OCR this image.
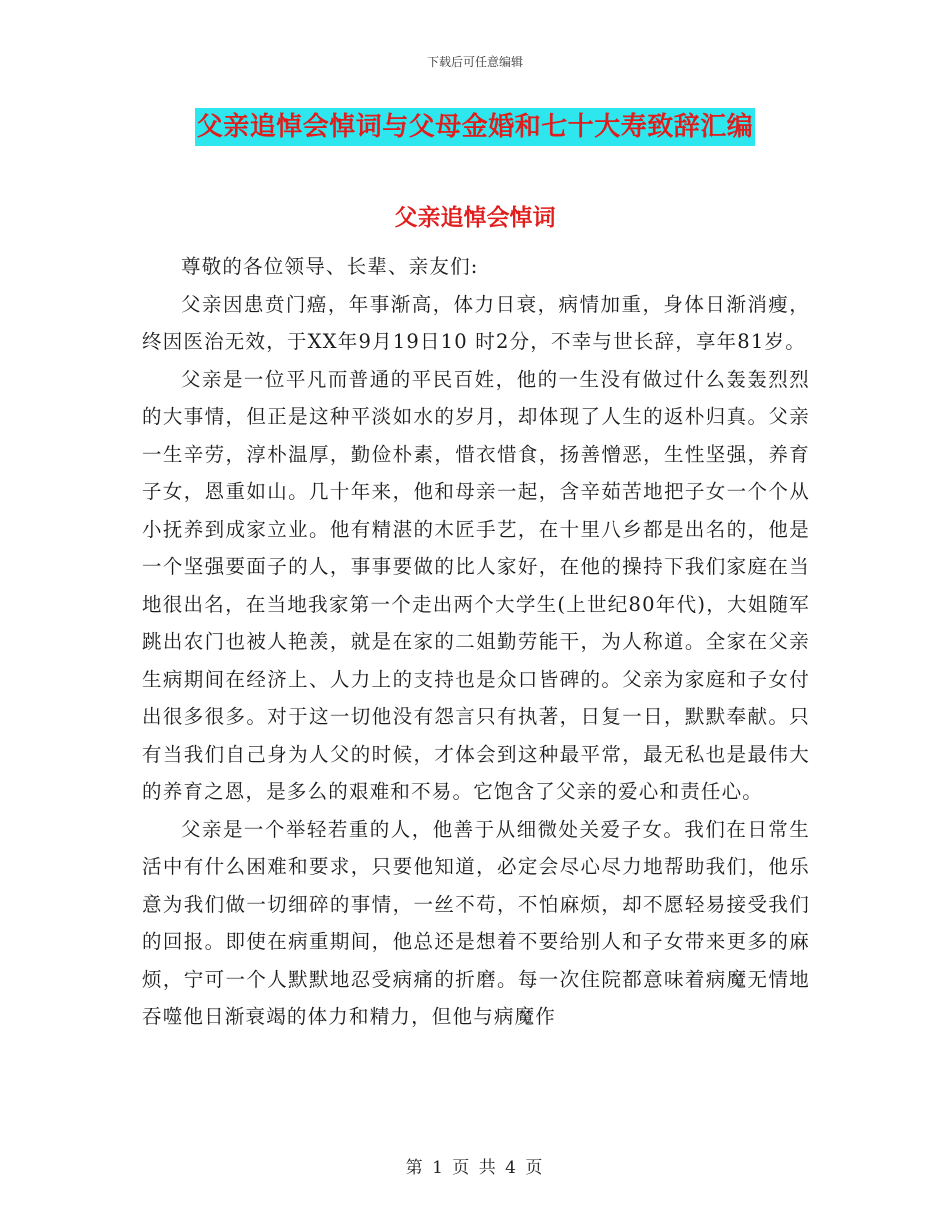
下载后可任意编辑
父亲追悼会悼词与父母金婚和七十大寿致辞汇编
父亲追悼会悼词

尊敬的各位领导、长辈、亲友们:

父亲因患贲门癌，年事渐高，体力日衰，病情加重，身体日渐消瘦，终因医治无效，于XX年9月19日10 时2分，不幸与世长辞，享年81岁。

父亲是一位平凡而普通的平民百姓，他的一生没有做过什么轰轰烈烈的大事情，但正是这种平淡如水的岁月，却体现了人生的返朴归真。父亲一生辛劳，淳朴温厚，勤俭朴素，惜衣惜食，扬善憎恶，生性坚强，养育子女，恩重如山。几十年来，他和母亲一起，含辛茹苦地把子女一个个从小抚养到成家立业。他有精湛的木匠手艺，在十里八乡都是出名的，他是一个坚强要面子的人，事事要做的比人家好，在他的操持下我们家庭在当地很出名，在当地我家第一个走出两个大学生(上世纪80年代)，大姐随军跳出农门也被人艳羡，就是在家的二姐勤劳能干，为人称道。全家在父亲生病期间在经济上、人力上的支持也是众口皆碑的。父亲为家庭和子女付出很多很多。对于这一切他没有怨言只有执著，日复一日，默默奉献。只有当我们自己身为人父的时候，才体会到这种最平常，最无私也是最伟大的养育之恩，是多么的艰难和不易。它饱含了父亲的爱心和责任心。

父亲是一个举轻若重的人，他善于从细微处关爱子女。我们在日常生活中有什么困难和要求，只要他知道，必定会尽心尽力地帮助我们，他乐意为我们做一切细碎的事情，一丝不苟，不怕麻烦，却不愿轻易接受我们的回报。即使在病重期间，他总还是想着不要给别人和子女带来更多的麻烦，宁可一个人默默地忍受病痛的折磨。每一次住院都意味着病魔无情地吞噬他日渐衰竭的体力和精力，但他与病魔作

第 1 页 共 4 页
